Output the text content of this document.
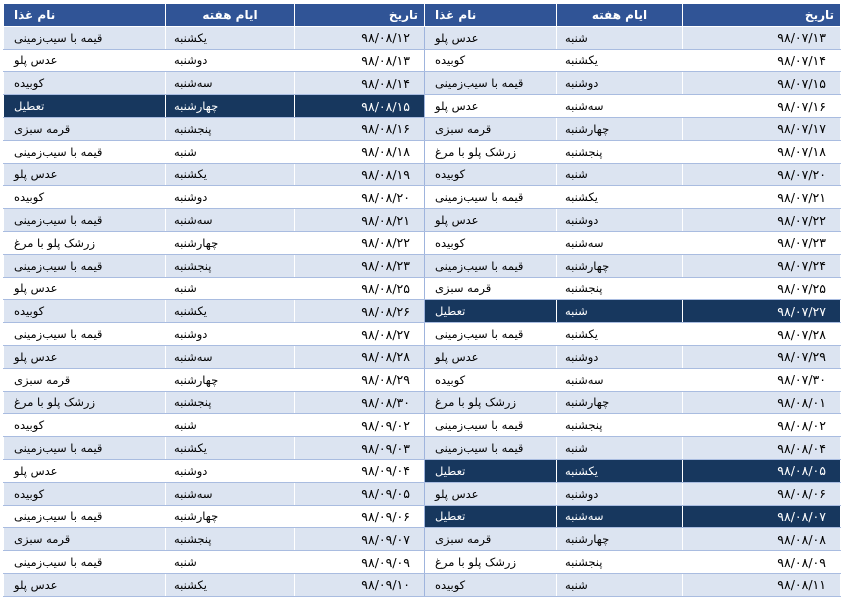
تاریخ	ایام هفته	نام غذا	تاریخ	ایام هفته	نام غذا
۹۸/۰۷/۱۳	شنبه	عدس پلو	۹۸/۰۸/۱۲	یکشنبه	قیمه با سیب‌زمینی
۹۸/۰۷/۱۴	یکشنبه	کوبیده	۹۸/۰۸/۱۳	دوشنبه	عدس پلو
۹۸/۰۷/۱۵	دوشنبه	قیمه با سیب‌زمینی	۹۸/۰۸/۱۴	سه‌شنبه	کوبیده
۹۸/۰۷/۱۶	سه‌شنبه	عدس پلو	۹۸/۰۸/۱۵	چهارشنبه	تعطیل
۹۸/۰۷/۱۷	چهارشنبه	قرمه سبزی	۹۸/۰۸/۱۶	پنجشنبه	قرمه سبزی
۹۸/۰۷/۱۸	پنجشنبه	زرشک پلو با مرغ	۹۸/۰۸/۱۸	شنبه	قیمه با سیب‌زمینی
۹۸/۰۷/۲۰	شنبه	کوبیده	۹۸/۰۸/۱۹	یکشنبه	عدس پلو
۹۸/۰۷/۲۱	یکشنبه	قیمه با سیب‌زمینی	۹۸/۰۸/۲۰	دوشنبه	کوبیده
۹۸/۰۷/۲۲	دوشنبه	عدس پلو	۹۸/۰۸/۲۱	سه‌شنبه	قیمه با سیب‌زمینی
۹۸/۰۷/۲۳	سه‌شنبه	کوبیده	۹۸/۰۸/۲۲	چهارشنبه	زرشک پلو با مرغ
۹۸/۰۷/۲۴	چهارشنبه	قیمه با سیب‌زمینی	۹۸/۰۸/۲۳	پنجشنبه	قیمه با سیب‌زمینی
۹۸/۰۷/۲۵	پنجشنبه	قرمه سبزی	۹۸/۰۸/۲۵	شنبه	عدس پلو
۹۸/۰۷/۲۷	شنبه	تعطیل	۹۸/۰۸/۲۶	یکشنبه	کوبیده
۹۸/۰۷/۲۸	یکشنبه	قیمه با سیب‌زمینی	۹۸/۰۸/۲۷	دوشنبه	قیمه با سیب‌زمینی
۹۸/۰۷/۲۹	دوشنبه	عدس پلو	۹۸/۰۸/۲۸	سه‌شنبه	عدس پلو
۹۸/۰۷/۳۰	سه‌شنبه	کوبیده	۹۸/۰۸/۲۹	چهارشنبه	قرمه سبزی
۹۸/۰۸/۰۱	چهارشنبه	زرشک پلو با مرغ	۹۸/۰۸/۳۰	پنجشنبه	زرشک پلو با مرغ
۹۸/۰۸/۰۲	پنجشنبه	قیمه با سیب‌زمینی	۹۸/۰۹/۰۲	شنبه	کوبیده
۹۸/۰۸/۰۴	شنبه	قیمه با سیب‌زمینی	۹۸/۰۹/۰۳	یکشنبه	قیمه با سیب‌زمینی
۹۸/۰۸/۰۵	یکشنبه	تعطیل	۹۸/۰۹/۰۴	دوشنبه	عدس پلو
۹۸/۰۸/۰۶	دوشنبه	عدس پلو	۹۸/۰۹/۰۵	سه‌شنبه	کوبیده
۹۸/۰۸/۰۷	سه‌شنبه	تعطیل	۹۸/۰۹/۰۶	چهارشنبه	قیمه با سیب‌زمینی
۹۸/۰۸/۰۸	چهارشنبه	قرمه سبزی	۹۸/۰۹/۰۷	پنجشنبه	قرمه سبزی
۹۸/۰۸/۰۹	پنجشنبه	زرشک پلو با مرغ	۹۸/۰۹/۰۹	شنبه	قیمه با سیب‌زمینی
۹۸/۰۸/۱۱	شنبه	کوبیده	۹۸/۰۹/۱۰	یکشنبه	عدس پلو
